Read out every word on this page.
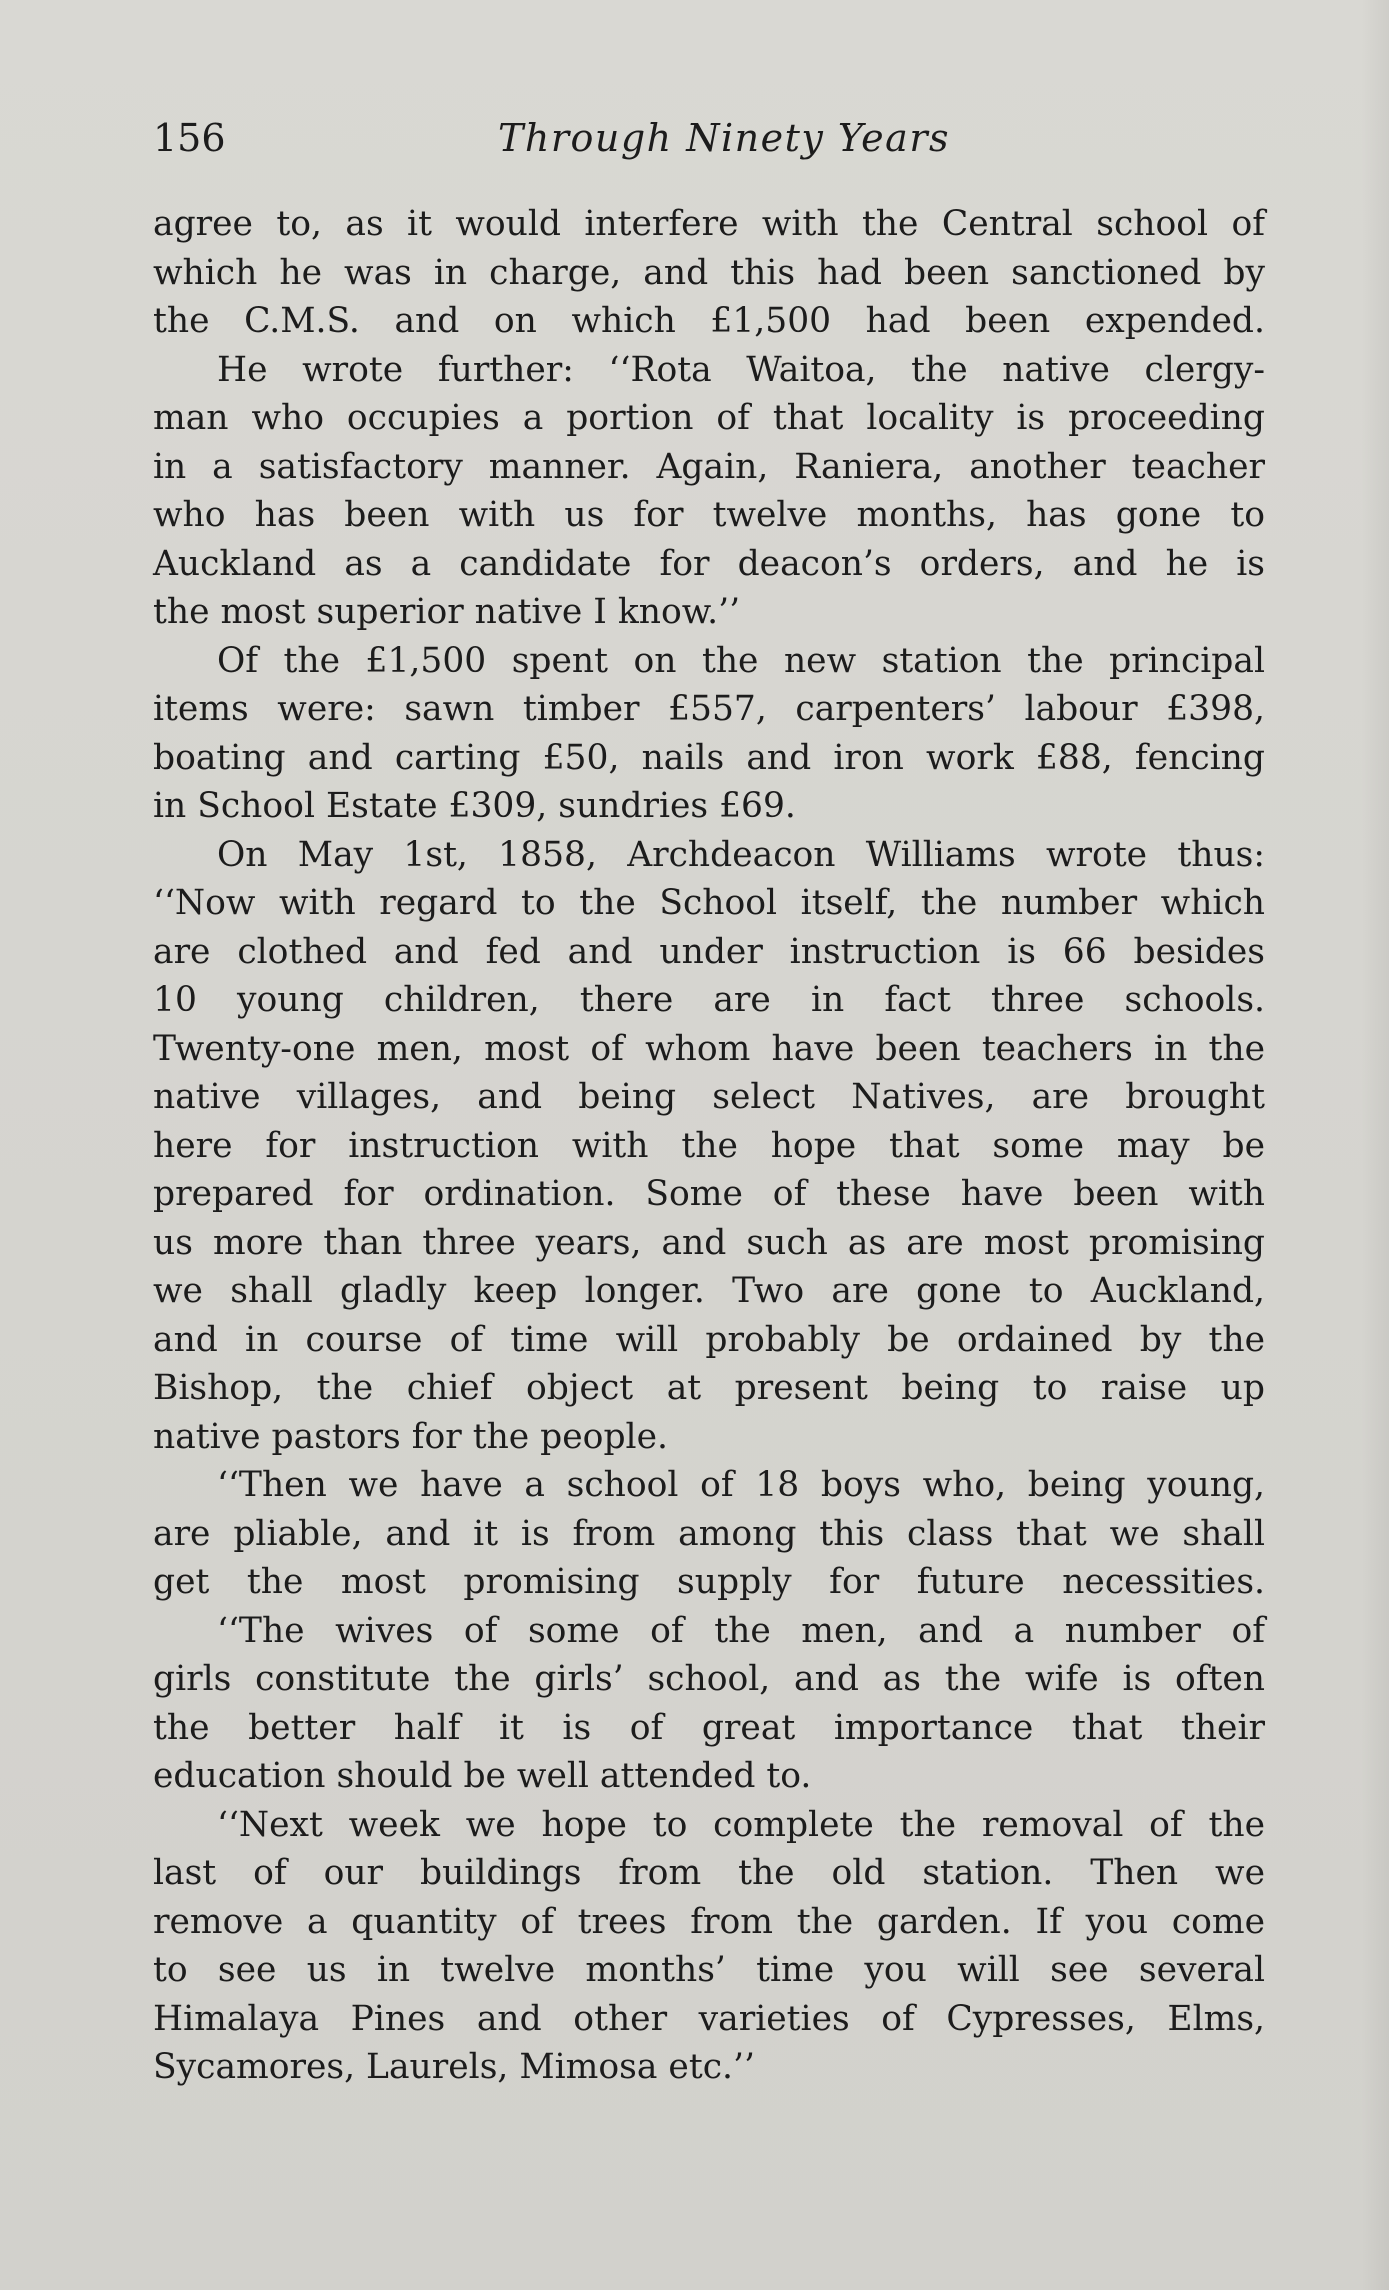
156	Through Ninety Years
agree to, as it would interfere with the Central school of
which he was in charge, and this had been sanctioned by
the C.M.S. and on which £1,500 had been expended.
He wrote further: ‘‘Rota Waitoa, the native clergy-
man who occupies a portion of that locality is proceeding
in a satisfactory manner. Again, Raniera, another teacher
who has been with us for twelve months, has gone to
Auckland as a candidate for deacon’s orders, and he is
the most superior native I know.’’
Of the £1,500 spent on the new station the principal
items were: sawn timber £557, carpenters’ labour £398,
boating and carting £50, nails and iron work £88, fencing
in School Estate £309, sundries £69.
On May 1st, 1858, Archdeacon Williams wrote thus:
‘‘Now with regard to the School itself, the number which
are clothed and fed and under instruction is 66 besides
10 young children, there are in fact three schools.
Twenty-one men, most of whom have been teachers in the
native villages, and being select Natives, are brought
here for instruction with the hope that some may be
prepared for ordination. Some of these have been with
us more than three years, and such as are most promising
we shall gladly keep longer. Two are gone to Auckland,
and in course of time will probably be ordained by the
Bishop, the chief object at present being to raise up
native pastors for the people.
‘‘Then we have a school of 18 boys who, being young,
are pliable, and it is from among this class that we shall
get the most promising supply for future necessities.
‘‘The wives of some of the men, and a number of
girls constitute the girls’ school, and as the wife is often
the better half it is of great importance that their
education should be well attended to.
‘‘Next week we hope to complete the removal of the
last of our buildings from the old station. Then we
remove a quantity of trees from the garden. If you come
to see us in twelve months’ time you will see several
Himalaya Pines and other varieties of Cypresses, Elms,
Sycamores, Laurels, Mimosa etc.’’
